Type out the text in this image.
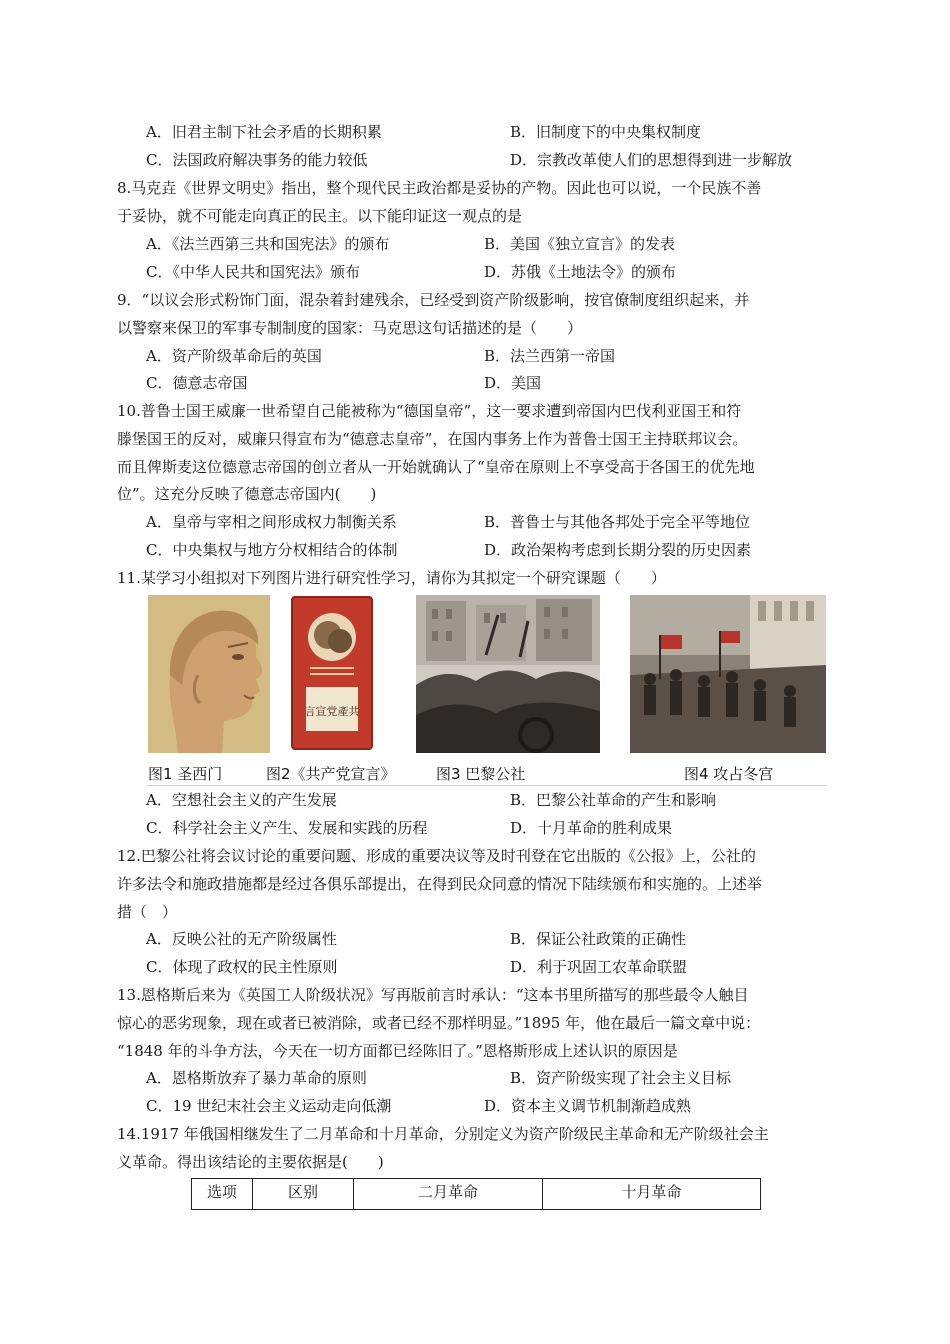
A．旧君主制下社会矛盾的长期积累	B．旧制度下的中央集权制度
C．法国政府解决事务的能力较低	D．宗教改革使人们的思想得到进一步解放
8.马克垚《世界文明史》指出，整个现代民主政治都是妥协的产物。因此也可以说，一个民族不善
于妥协，就不可能走向真正的民主。以下能印证这一观点的是
A．《法兰西第三共和国宪法》的颁布	B．美国《独立宣言》的发表
C．《中华人民共和国宪法》颁布	D．苏俄《土地法令》的颁布
9．“以议会形式粉饰门面，混杂着封建残余，已经受到资产阶级影响，按官僚制度组织起来，并
以警察来保卫的军事专制制度的国家：马克思这句话描述的是（　　）
A．资产阶级革命后的英国	B．法兰西第一帝国
C．德意志帝国	D．美国
10.普鲁士国王威廉一世希望自己能被称为“德国皇帝”，这一要求遭到帝国内巴伐利亚国王和符
滕堡国王的反对，威廉只得宣布为“德意志皇帝”，在国内事务上作为普鲁士国王主持联邦议会。
而且俾斯麦这位德意志帝国的创立者从一开始就确认了“皇帝在原则上不享受高于各国王的优先地
位”。这充分反映了德意志帝国内(　　)
A．皇帝与宰相之间形成权力制衡关系	B．普鲁士与其他各邦处于完全平等地位
C．中央集权与地方分权相结合的体制	D．政治架构考虑到长期分裂的历史因素
11.某学习小组拟对下列图片进行研究性学习，请你为其拟定一个研究课题（　　）
言宣党產共
图1 圣西门	图2《共产党宣言》	图3 巴黎公社	图4 攻占冬宫
A．空想社会主义的产生发展	B．巴黎公社革命的产生和影响
C．科学社会主义产生、发展和实践的历程	D．十月革命的胜利成果
12.巴黎公社将会议讨论的重要问题、形成的重要决议等及时刊登在它出版的《公报》上，公社的
许多法令和施政措施都是经过各俱乐部提出，在得到民众同意的情况下陆续颁布和实施的。上述举
措（　）
A．反映公社的无产阶级属性	B．保证公社政策的正确性
C．体现了政权的民主性原则	D．利于巩固工农革命联盟
13.恩格斯后来为《英国工人阶级状况》写再版前言时承认：“这本书里所描写的那些最令人触目
惊心的恶劣现象，现在或者已被消除，或者已经不那样明显。”1895 年，他在最后一篇文章中说：
“1848 年的斗争方法，今天在一切方面都已经陈旧了。”恩格斯形成上述认识的原因是
A．恩格斯放弃了暴力革命的原则	B．资产阶级实现了社会主义目标
C．19 世纪末社会主义运动走向低潮	D．资本主义调节机制渐趋成熟
14.1917 年俄国相继发生了二月革命和十月革命，分别定义为资产阶级民主革命和无产阶级社会主
义革命。得出该结论的主要依据是(　　)
选项	区别	二月革命	十月革命
